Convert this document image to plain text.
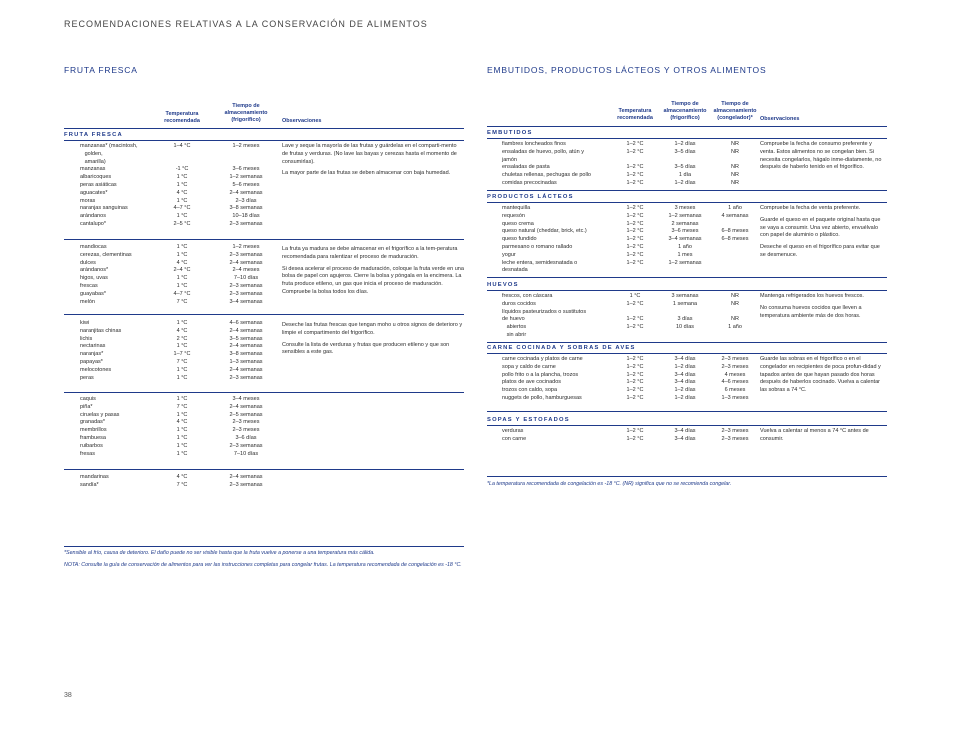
RECOMENDACIONES RELATIVAS A LA CONSERVACIÓN DE ALIMENTOS
FRUTA FRESCA
Temperatura
recomendada
Tiempo de
almacenamiento
(frigorífico)	Observaciones
FRUTA FRESCA
manzanas* (macintosh,
golden,
amarilla)
manzanas
albaricoques
peras asiáticas
aguacates*
moras
naranjas sanguinas
arándanos
cantalupo*
1–4 °C

-1 °C
1 °C
1 °C
4 °C
1 °C
4–7 °C
1 °C
2–5 °C
1–2 meses

3–6 meses
1–2 semanas
5–6 meses
2–4 semanas
2–3 días
3–8 semanas
10–18 días
2–3 semanas

Lave y seque la mayoría de las frutas y guárdelas en el comparti-mento de frutas y verduras. (No lave las bayas y cerezas hasta el momento de consumirlas).

La mayor parte de las frutas se deben almacenar con baja humedad.

mandiocas
cerezas, clementinas
dulces
arándanos*
higos, uvas
frescas
guayabas*
melón
1 °C
1 °C
4 °C
2–4 °C
1 °C
1 °C
4–7 °C
7 °C
1–2 meses
2–3 semanas
2–4 semanas
2–4 meses
7–10 días
2–3 semanas
2–3 semanas
3–4 semanas

La fruta ya madura se debe almacenar en el frigorífico a la tem-peratura recomendada para ralentizar el proceso de maduración.

Si desea acelerar el proceso de maduración, coloque la fruta verde en una bolsa de papel con agujeros. Cierre la bolsa y póngala en la encimera. La fruta produce etileno, un gas que inicia el proceso de maduración. Compruebe la bolsa todos los días.

kiwi
naranjitas chinas
lichis
nectarinas
naranjas*
papayas*
melocotones
peras
1 °C
4 °C
2 °C
1 °C
1–7 °C
7 °C
1 °C
1 °C
4–6 semanas
2–4 semanas
3–5 semanas
2–4 semanas
3–8 semanas
1–3 semanas
2–4 semanas
2–3 semanas

Deseche las frutas frescas que tengan moho u otros signos de deterioro y limpie el compartimento del frigorífico.

Consulte la lista de verduras y frutas que producen etileno y que son sensibles a este gas.

caquis
piña*
ciruelas y pasas
granadas*
membrillos
frambuesa
ruibarbos
fresas
1 °C
7 °C
1 °C
4 °C
1 °C
1 °C
1 °C
1 °C
3–4 meses
2–4 semanas
2–5 semanas
2–3 meses
2–3 meses
3–6 días
2–3 semanas
7–10 días
mandarinas
sandía*
4 °C
7 °C
2–4 semanas
2–3 semanas
*Sensible al frío, causa de deterioro. El daño puede no ser visible hasta que la fruta vuelve a ponerse a una temperatura más cálida.
NOTA: Consulte la guía de conservación de alimentos para ver las instrucciones completas para congelar frutas. La temperatura recomendada de congelación es -18 °C.
EMBUTIDOS, PRODUCTOS LÁCTEOS Y OTROS ALIMENTOS
Temperatura
recomendada
Tiempo de
almacenamiento
(frigorífico)
Tiempo de
almacenamiento
(congelador)*	Observaciones
EMBUTIDOS
fiambres loncheados finos
ensaladas de huevo, pollo, atún y
jamón
ensaladas de pasta
chuletas rellenas, pechugas de pollo
comidas precocinadas
1–2 °C
1–2 °C

1–2 °C
1–2 °C
1–2 °C
1–2 días
3–5 días

3–5 días
1 día
1–2 días
NR
NR

NR
NR
NR

Compruebe la fecha de consumo preferente y venta. Estos alimentos no se congelan bien. Si necesita congelarlos, hágalo inme-diatamente, no después de haberlo tenido en el frigorífico.

PRODUCTOS LÁCTEOS
mantequilla
requesón
queso crema
queso natural (cheddar, brick, etc.)
queso fundido
parmesano o romano rallado
yogur
leche entera, semidesnatada o
desnatada
1–2 °C
1–2 °C
1–2 °C
1–2 °C
1–2 °C
1–2 °C
1–2 °C
1–2 °C
3 meses
1–2 semanas
2 semanas
3–6 meses
3–4 semanas
1 año
1 mes
1–2 semanas
1 año
4 semanas

6–8 meses
6–8 meses

Compruebe la fecha de venta preferente.

Guarde el queso en el paquete original hasta que se vaya a consumir. Una vez abierto, envuélvalo con papel de aluminio o plástico.

Deseche el queso en el frigorífico para evitar que se desmenuce.

HUEVOS
frescos, con cáscara
duros cocidos
líquidos pasteurizados o sustitutos
de huevo
abiertos
sin abrir
1 °C
1–2 °C

1–2 °C
1–2 °C

3 semanas
1 semana

3 días
10 días

NR
NR

NR
1 año

Mantenga refrigerados los huevos frescos.

No consuma huevos cocidos que lleven a temperatura ambiente más de dos horas.

CARNE COCINADA Y SOBRAS DE AVES
carne cocinada y platos de carne
sopa y caldo de carne
pollo frito o a la plancha, trozos
platos de ave cocinados
trozos con caldo, sopa
nuggets de pollo, hamburguesas
1–2 °C
1–2 °C
1–2 °C
1–2 °C
1–2 °C
1–2 °C
3–4 días
1–2 días
3–4 días
3–4 días
1–2 días
1–2 días
2–3 meses
2–3 meses
4 meses
4–6 meses
6 meses
1–3 meses

Guarde las sobras en el frigorífico o en el congelador en recipientes de poca profun-didad y tapados antes de que hayan pasado dos horas después de haberlos cocinado. Vuelva a calentar las sobras a 74 °C.

SOPAS Y ESTOFADOS
verduras
con carne
1–2 °C
1–2 °C
3–4 días
3–4 días
2–3 meses
2–3 meses

Vuelva a calentar al menos a 74 °C antes de consumir.

*La temperatura recomendada de congelación es -18 °C. (NR) significa que no se recomienda congelar.
38
